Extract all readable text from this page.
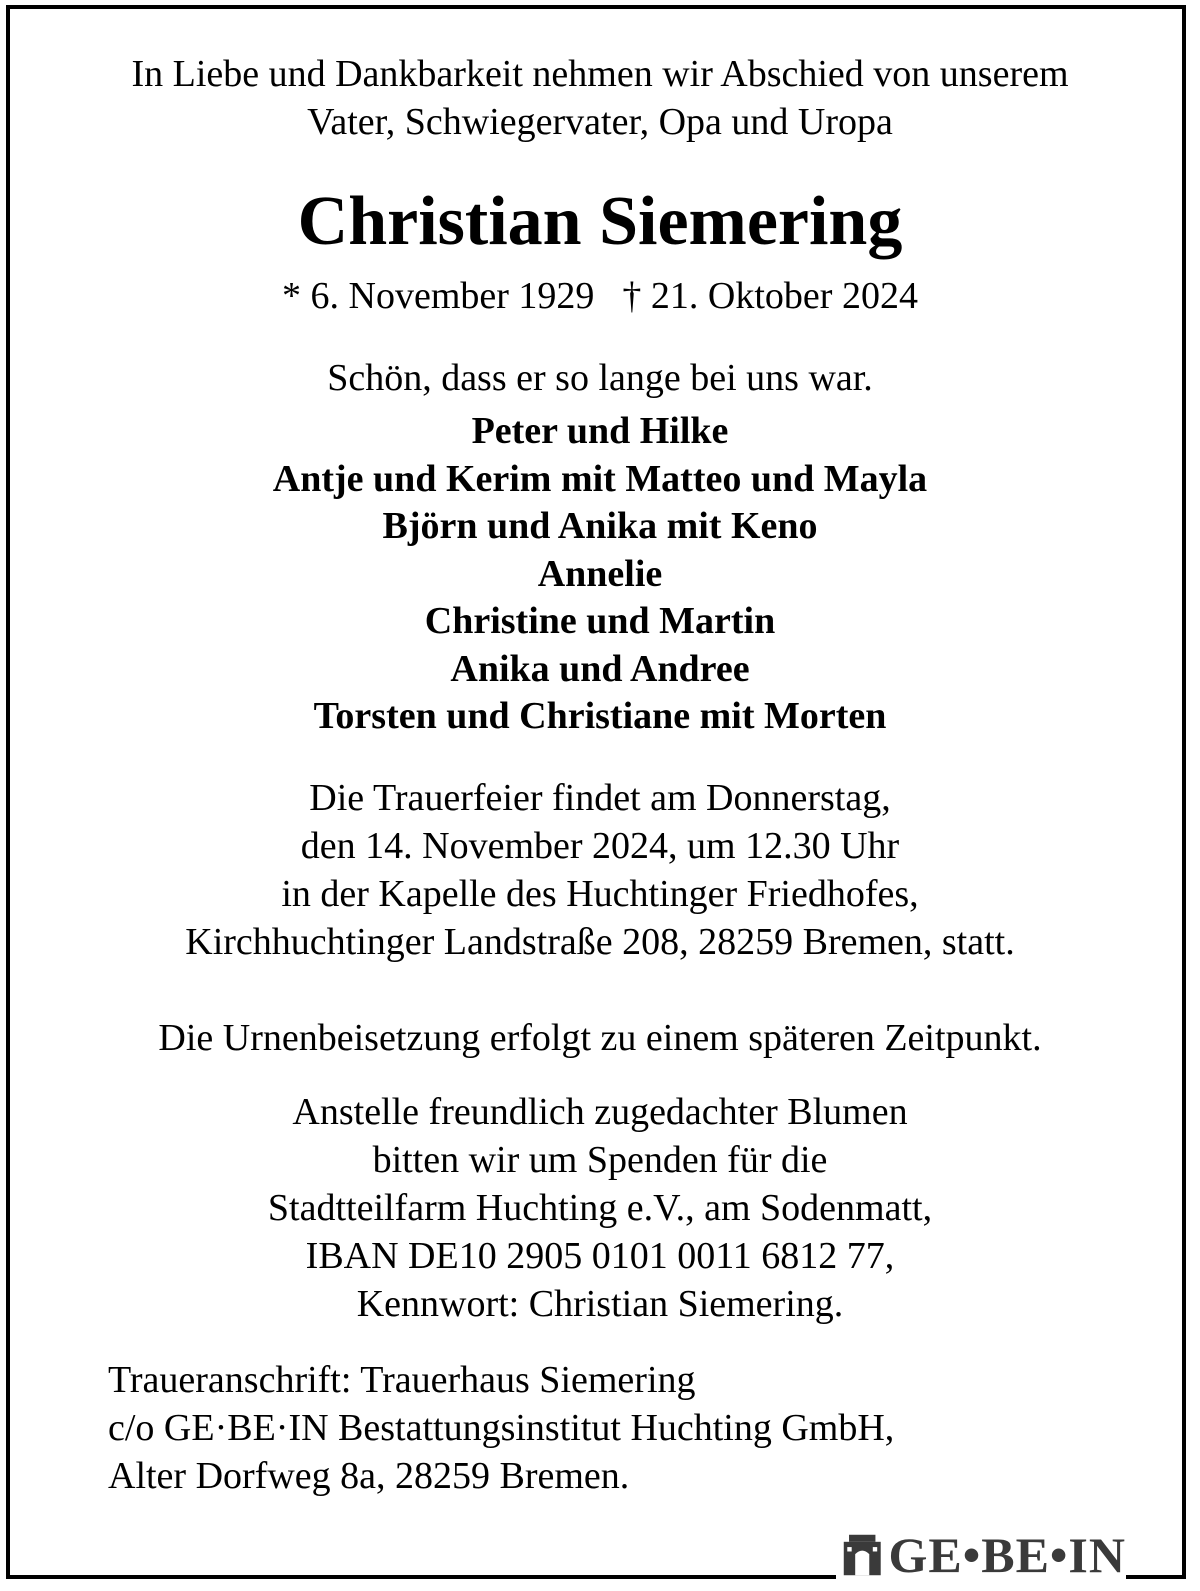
In Liebe und Dankbarkeit nehmen wir Abschied von unserem
Vater, Schwiegervater, Opa und Uropa
Christian Siemering
* 6. November 1929 † 21. Oktober 2024
Schön, dass er so lange bei uns war.
Peter und Hilke
Antje und Kerim mit Matteo und Mayla
Björn und Anika mit Keno
Annelie
Christine und Martin
Anika und Andree
Torsten und Christiane mit Morten
Die Trauerfeier findet am Donnerstag,
den 14. November 2024, um 12.30 Uhr
in der Kapelle des Huchtinger Friedhofes,
Kirchhuchtinger Landstraße 208, 28259 Bremen, statt.
Die Urnenbeisetzung erfolgt zu einem späteren Zeitpunkt.
Anstelle freundlich zugedachter Blumen
bitten wir um Spenden für die
Stadtteilfarm Huchting e.V., am Sodenmatt,
IBAN DE10 2905 0101 0011 6812 77,
Kennwort: Christian Siemering.
Traueranschrift: Trauerhaus Siemering
c/o GE·BE·IN Bestattungsinstitut Huchting GmbH,
Alter Dorfweg 8a, 28259 Bremen.
GE•BE•IN
